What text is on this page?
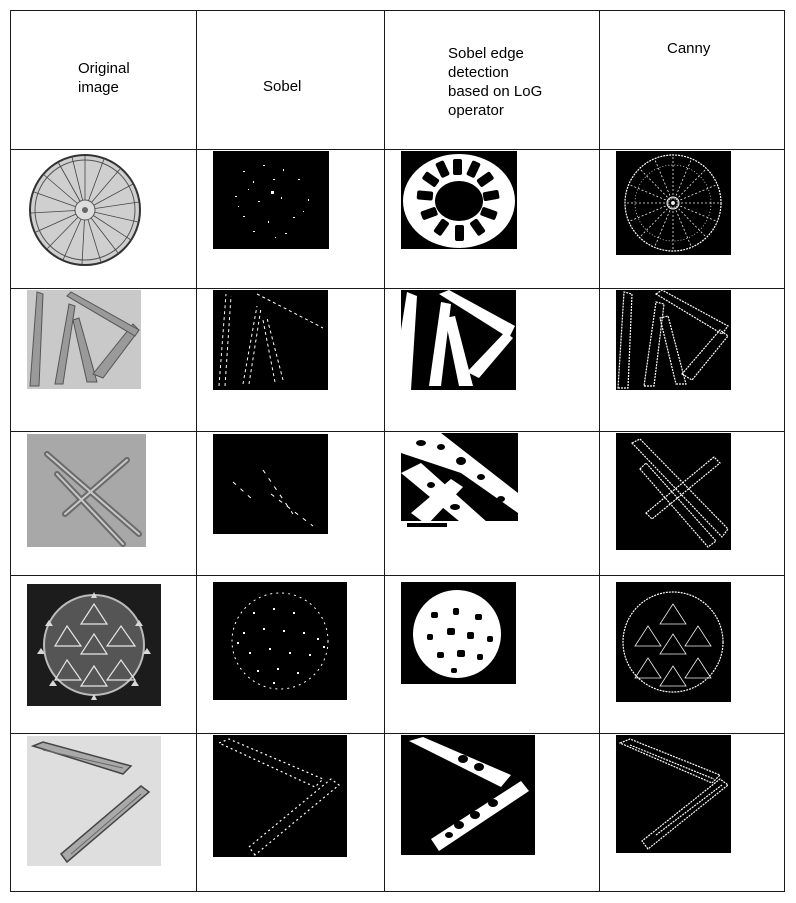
Original
image	Sobel
Sobel edge
detection
based on LoG
operator
Canny
